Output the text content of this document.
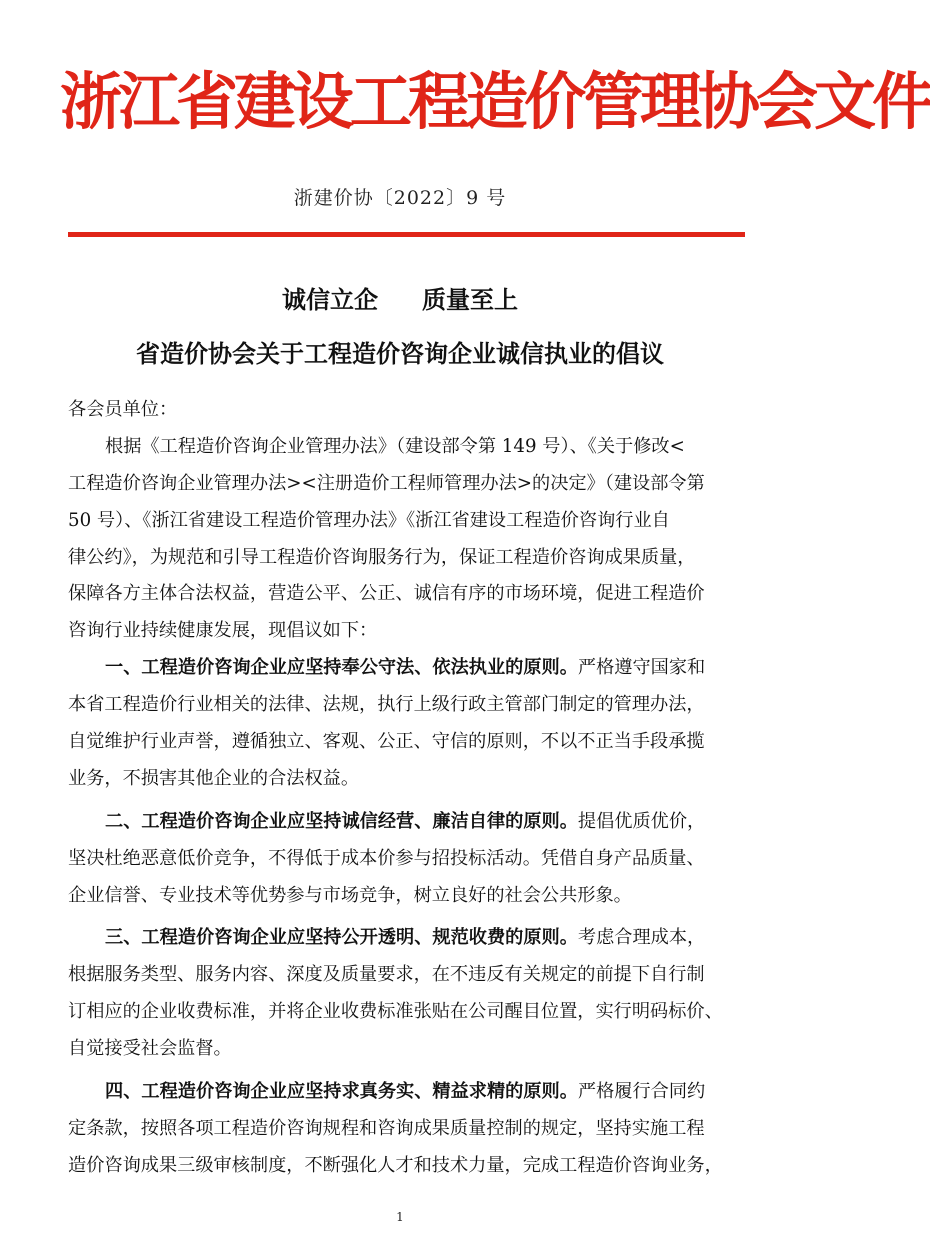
浙江省建设工程造价管理协会文件
浙建价协〔2022〕9 号
诚信立企 质量至上
省造价协会关于工程造价咨询企业诚信执业的倡议
各会员单位：
根据《工程造价咨询企业管理办法》（建设部令第 149 号）、《关于修改<
工程造价咨询企业管理办法><注册造价工程师管理办法>的决定》（建设部令第
50 号）、《浙江省建设工程造价管理办法》《浙江省建设工程造价咨询行业自
律公约》，为规范和引导工程造价咨询服务行为，保证工程造价咨询成果质量，
保障各方主体合法权益，营造公平、公正、诚信有序的市场环境，促进工程造价
咨询行业持续健康发展，现倡议如下：
一、工程造价咨询企业应坚持奉公守法、依法执业的原则。严格遵守国家和
本省工程造价行业相关的法律、法规，执行上级行政主管部门制定的管理办法，
自觉维护行业声誉，遵循独立、客观、公正、守信的原则，不以不正当手段承揽
业务，不损害其他企业的合法权益。
二、工程造价咨询企业应坚持诚信经营、廉洁自律的原则。提倡优质优价，
坚决杜绝恶意低价竞争，不得低于成本价参与招投标活动。凭借自身产品质量、
企业信誉、专业技术等优势参与市场竞争，树立良好的社会公共形象。
三、工程造价咨询企业应坚持公开透明、规范收费的原则。考虑合理成本，
根据服务类型、服务内容、深度及质量要求，在不违反有关规定的前提下自行制
订相应的企业收费标准，并将企业收费标准张贴在公司醒目位置，实行明码标价、
自觉接受社会监督。
四、工程造价咨询企业应坚持求真务实、精益求精的原则。严格履行合同约
定条款，按照各项工程造价咨询规程和咨询成果质量控制的规定，坚持实施工程
造价咨询成果三级审核制度，不断强化人才和技术力量，完成工程造价咨询业务，
1
